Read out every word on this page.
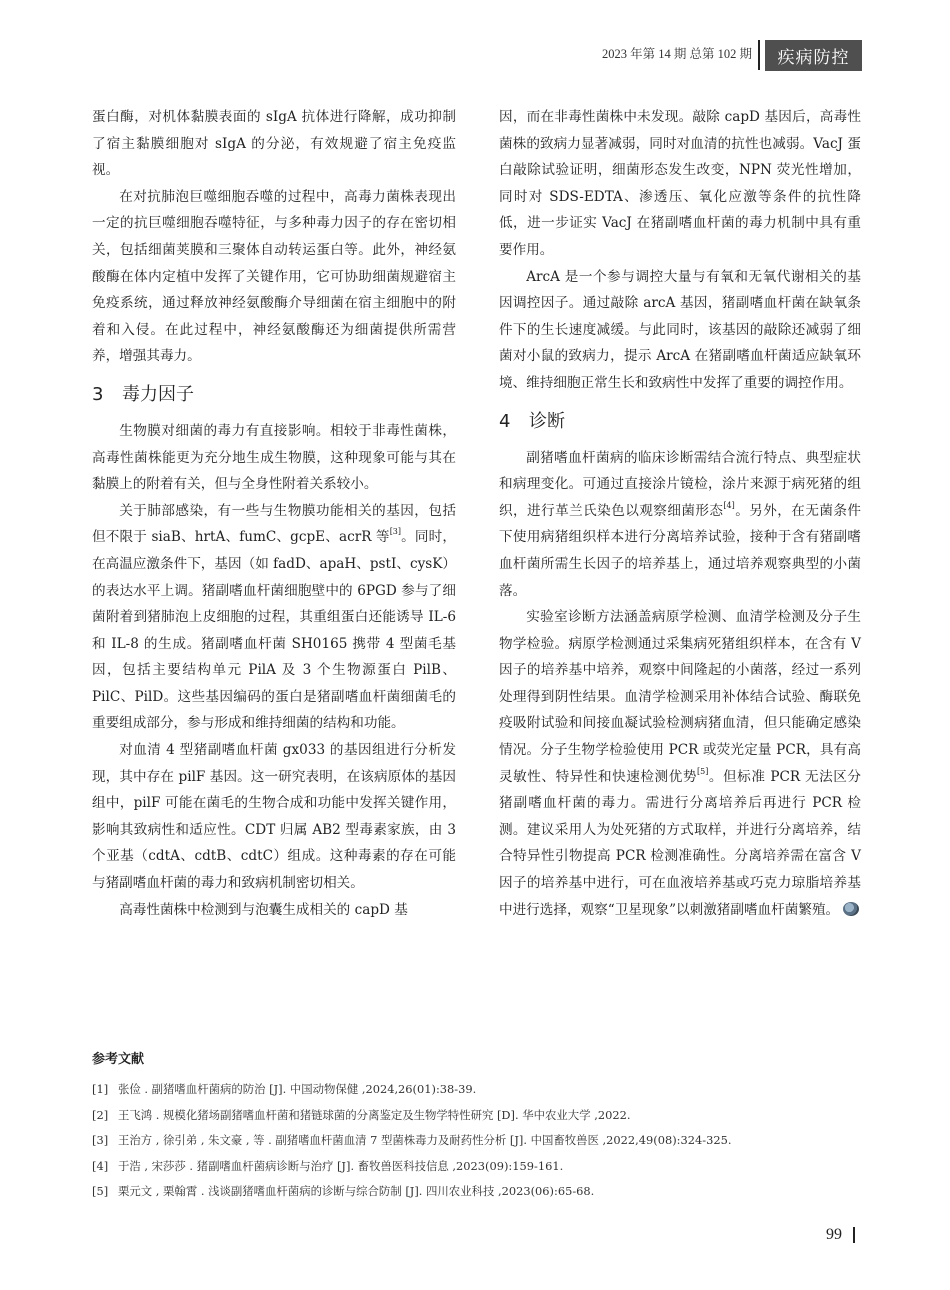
2023 年第 14 期 总第 102 期	疾病防控

蛋白酶，对机体黏膜表面的 sIgA 抗体进行降解，成功抑制了宿主黏膜细胞对 sIgA 的分泌，有效规避了宿主免疫监视。

在对抗肺泡巨噬细胞吞噬的过程中，高毒力菌株表现出一定的抗巨噬细胞吞噬特征，与多种毒力因子的存在密切相关，包括细菌荚膜和三聚体自动转运蛋白等。此外，神经氨酸酶在体内定植中发挥了关键作用，它可协助细菌规避宿主免疫系统，通过释放神经氨酸酶介导细菌在宿主细胞中的附着和入侵。在此过程中，神经氨酸酶还为细菌提供所需营养，增强其毒力。

3 毒力因子

生物膜对细菌的毒力有直接影响。相较于非毒性菌株，高毒性菌株能更为充分地生成生物膜，这种现象可能与其在黏膜上的附着有关，但与全身性附着关系较小。

关于肺部感染，有一些与生物膜功能相关的基因，包括但不限于 siaB、hrtA、fumC、gcpE、acrR 等[3]。同时，在高温应激条件下，基因（如 fadD、apaH、pstI、cysK）的表达水平上调。猪副嗜血杆菌细胞壁中的 6PGD 参与了细菌附着到猪肺泡上皮细胞的过程，其重组蛋白还能诱导 IL-6 和 IL-8 的生成。猪副嗜血杆菌 SH0165 携带 4 型菌毛基因，包括主要结构单元 PilA 及 3 个生物源蛋白 PilB、PilC、PilD。这些基因编码的蛋白是猪副嗜血杆菌细菌毛的重要组成部分，参与形成和维持细菌的结构和功能。

对血清 4 型猪副嗜血杆菌 gx033 的基因组进行分析发现，其中存在 pilF 基因。这一研究表明，在该病原体的基因组中，pilF 可能在菌毛的生物合成和功能中发挥关键作用，影响其致病性和适应性。CDT 归属 AB2 型毒素家族，由 3 个亚基（cdtA、cdtB、cdtC）组成。这种毒素的存在可能与猪副嗜血杆菌的毒力和致病机制密切相关。

高毒性菌株中检测到与泡囊生成相关的 capD 基

因，而在非毒性菌株中未发现。敲除 capD 基因后，高毒性菌株的致病力显著减弱，同时对血清的抗性也减弱。VacJ 蛋白敲除试验证明，细菌形态发生改变，NPN 荧光性增加，同时对 SDS-EDTA、渗透压、氧化应激等条件的抗性降低，进一步证实 VacJ 在猪副嗜血杆菌的毒力机制中具有重要作用。

ArcA 是一个参与调控大量与有氧和无氧代谢相关的基因调控因子。通过敲除 arcA 基因，猪副嗜血杆菌在缺氧条件下的生长速度减缓。与此同时，该基因的敲除还减弱了细菌对小鼠的致病力，提示 ArcA 在猪副嗜血杆菌适应缺氧环境、维持细胞正常生长和致病性中发挥了重要的调控作用。

4 诊断

副猪嗜血杆菌病的临床诊断需结合流行特点、典型症状和病理变化。可通过直接涂片镜检，涂片来源于病死猪的组织，进行革兰氏染色以观察细菌形态[4]。另外，在无菌条件下使用病猪组织样本进行分离培养试验，接种于含有猪副嗜血杆菌所需生长因子的培养基上，通过培养观察典型的小菌落。

实验室诊断方法涵盖病原学检测、血清学检测及分子生物学检验。病原学检测通过采集病死猪组织样本，在含有 V 因子的培养基中培养，观察中间隆起的小菌落，经过一系列处理得到阴性结果。血清学检测采用补体结合试验、酶联免疫吸附试验和间接血凝试验检测病猪血清，但只能确定感染情况。分子生物学检验使用 PCR 或荧光定量 PCR，具有高灵敏性、特异性和快速检测优势[5]。但标准 PCR 无法区分猪副嗜血杆菌的毒力。需进行分离培养后再进行 PCR 检测。建议采用人为处死猪的方式取样，并进行分离培养，结合特异性引物提高 PCR 检测准确性。分离培养需在富含 V 因子的培养基中进行，可在血液培养基或巧克力琼脂培养基中进行选择，观察“卫星现象”以刺激猪副嗜血杆菌繁殖。

参考文献
[1] 张俭 . 副猪嗜血杆菌病的防治 [J]. 中国动物保健 ,2024,26(01):38-39.
[2] 王飞鸿 . 规模化猪场副猪嗜血杆菌和猪链球菌的分离鉴定及生物学特性研究 [D]. 华中农业大学 ,2022.
[3] 王治方 , 徐引弟 , 朱文豪 , 等 . 副猪嗜血杆菌血清 7 型菌株毒力及耐药性分析 [J]. 中国畜牧兽医 ,2022,49(08):324-325.
[4] 于浩 , 宋莎莎 . 猪副嗜血杆菌病诊断与治疗 [J]. 畜牧兽医科技信息 ,2023(09):159-161.
[5] 栗元文 , 栗翰霄 . 浅谈副猪嗜血杆菌病的诊断与综合防制 [J]. 四川农业科技 ,2023(06):65-68.
99
